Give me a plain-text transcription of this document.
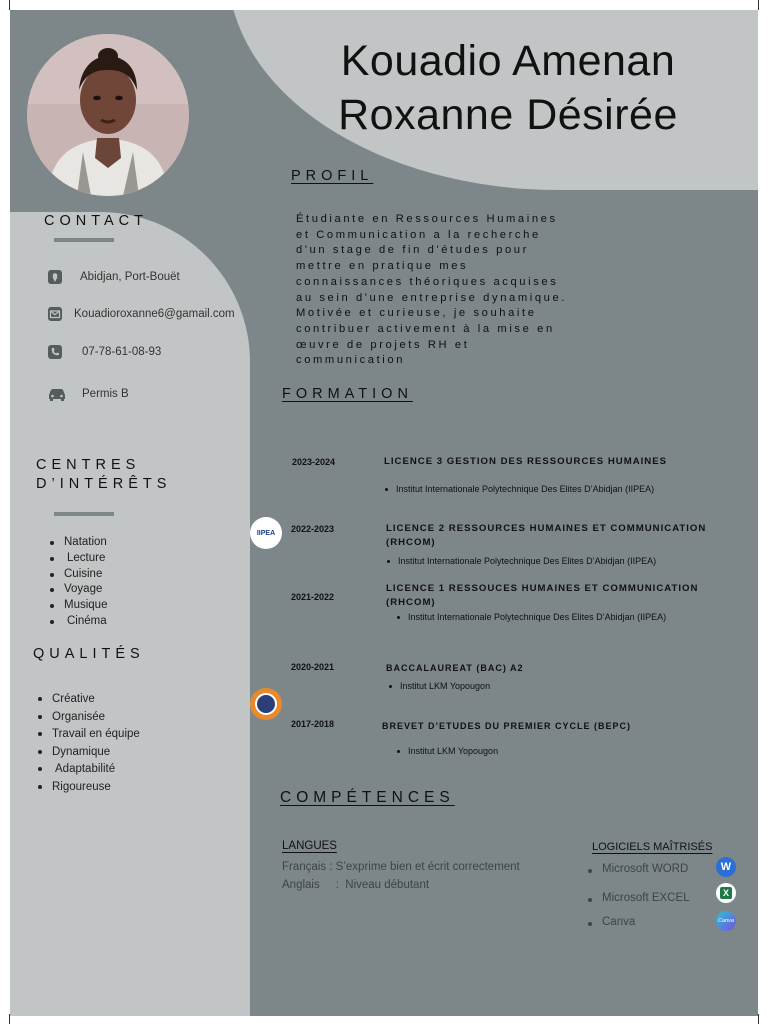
Kouadio Amenan
Roxanne Désirée
CONTACT
Abidjan, Port-Bouët
Kouadioroxanne6@gamail.com
07-78-61-08-93
Permis B
CENTRES
D’INTÉRÊTS
Natation
Lecture
Cuisine
Voyage
Musique
Cinéma
QUALITÉS
Créative
Organisée
Travail en équipe
Dynamique
Adaptabilité
Rigoureuse
PROFIL
Étudiante en Ressources Humaines
et Communication a la recherche
d'un stage de fin d'études pour
mettre en pratique mes
connaissances théoriques acquises
au sein d'une entreprise dynamique.
Motivée et curieuse, je souhaite
contribuer activement à la mise en
œuvre de projets RH et
communication
FORMATION
2023-2024	LICENCE 3 GESTION DES RESSOURCES HUMAINES
Institut Internationale Polytechnique Des Elites D’Abidjan (IIPEA)
IIPEA 2022-2023	LICENCE 2 RESSOURCES HUMAINES ET COMMUNICATION
(RHCOM)
Institut Internationale Polytechnique Des Elites D’Abidjan (IIPEA)
2021-2022
LICENCE 1 RESSOUCES HUMAINES ET COMMUNICATION
(RHCOM)
Institut Internationale Polytechnique Des Elites D’Abidjan (IIPEA)
2020-2021	BACCALAUREAT (BAC) A2
Institut LKM Yopougon
2017-2018	BREVET D’ETUDES DU PREMIER CYCLE (BEPC)
Institut LKM Yopougon
COMPÉTENCES
LANGUES
Français : S’exprime bien et écrit correctement
Anglais     :  Niveau débutant
LOGICIELS MAÎTRISÉS
Microsoft WORD	W
Microsoft EXCEL	X
Canva	Canva
